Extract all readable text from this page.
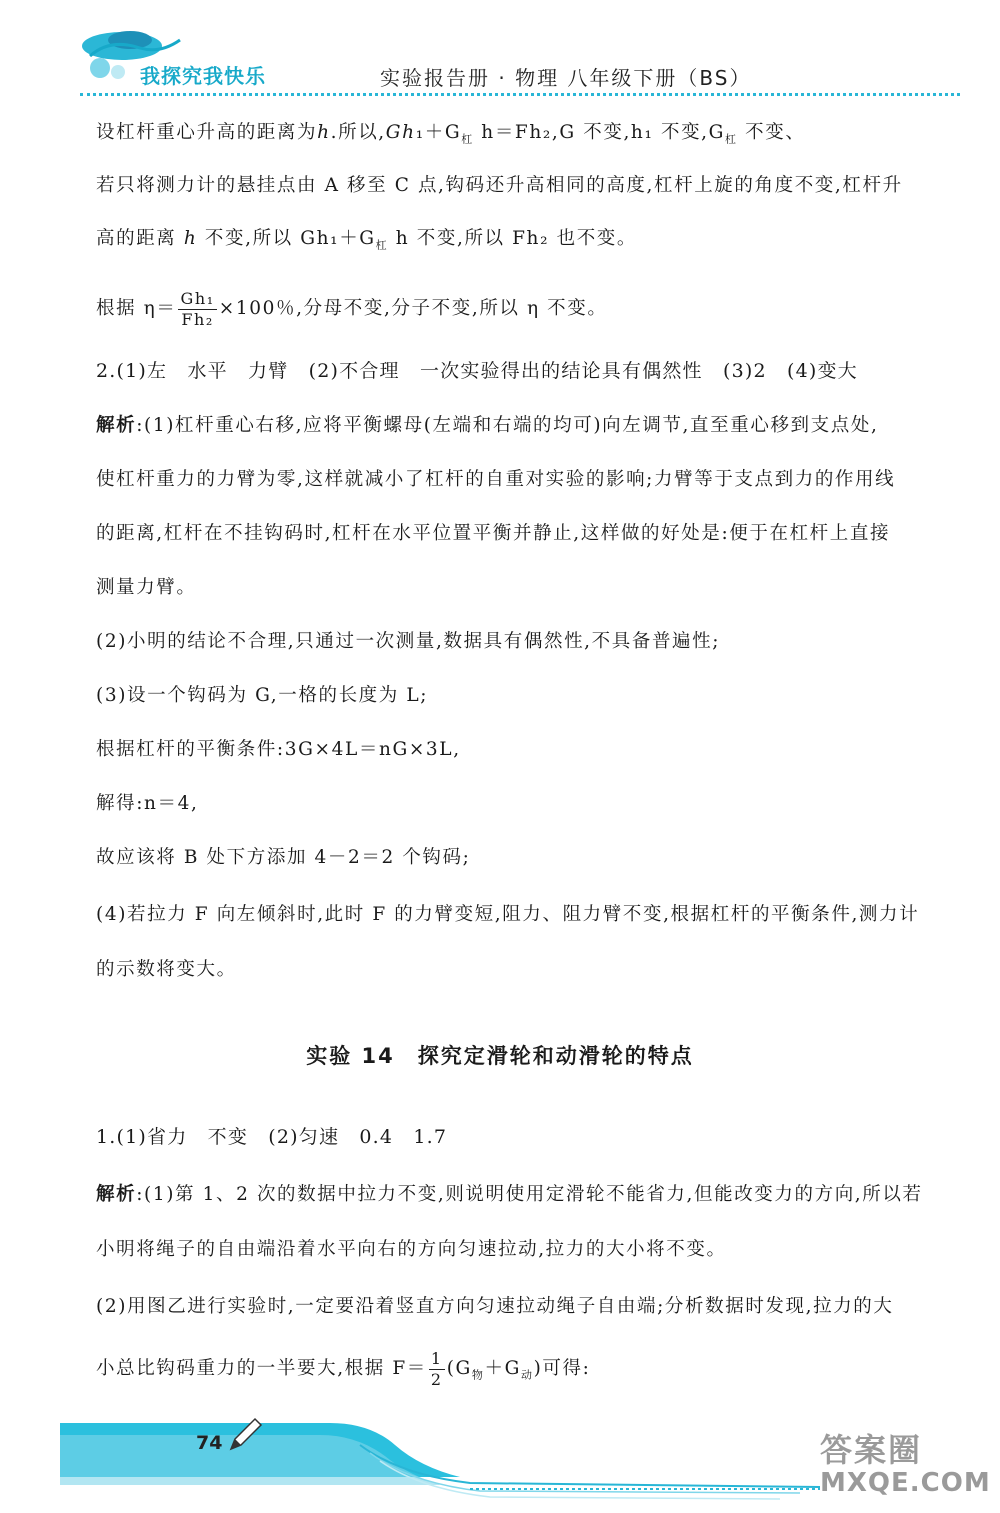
我探究我快乐	实验报告册 · 物理 八年级下册（BS）
设杠杆重心升高的距离为h.所以$,Gh_1+G_杠$ h＝Fh₂,G 不变,h₁ 不变$,G_杠$ 不变、
若只将测力计的悬挂点由 A 移至 C 点,钩码还升高相同的高度,杠杆上旋的角度不变,杠杆升
高的距离 h 不变,所以 $Gh_1+G_杠$ h 不变,所以 Fh₂ 也不变。
根据 $\eta= \frac{\text{Gh₁}}{\text{Fh₂}} \times 100$％,分母不变,分子不变,所以 η 不变。
2.(1)左　水平　力臂　(2)不合理　一次实验得出的结论具有偶然性　(3)2　(4)变大
解析:(1)杠杆重心右移,应将平衡螺母(左端和右端的均可)向左调节,直至重心移到支点处,
使杠杆重力的力臂为零,这样就减小了杠杆的自重对实验的影响;力臂等于支点到力的作用线
的距离,杠杆在不挂钩码时,杠杆在水平位置平衡并静止,这样做的好处是:便于在杠杆上直接
测量力臂。
(2)小明的结论不合理,只通过一次测量,数据具有偶然性,不具备普遍性;
(3)设一个钩码为 G,一格的长度为 L;
根据杠杆的平衡条件:3G×4L＝nG×3L,
解得:n＝4,
故应该将 B 处下方添加 4－2＝2 个钩码;
(4)若拉力 F 向左倾斜时,此时 F 的力臂变短,阻力、阻力臂不变,根据杠杆的平衡条件,测力计
的示数将变大。
实验 14　探究定滑轮和动滑轮的特点
1.(1)省力　不变　(2)匀速　0.4　1.7
解析:(1)第 1、2 次的数据中拉力不变,则说明使用定滑轮不能省力,但能改变力的方向,所以若
小明将绳子的自由端沿着水平向右的方向匀速拉动,拉力的大小将不变。
(2)用图乙进行实验时,一定要沿着竖直方向匀速拉动绳子自由端;分析数据时发现,拉力的大
小总比钩码重力的一半要大,根据 $F= \frac{1}{2} (G_物+G_动)$可得:
74	答案圈
MXQE.COM
